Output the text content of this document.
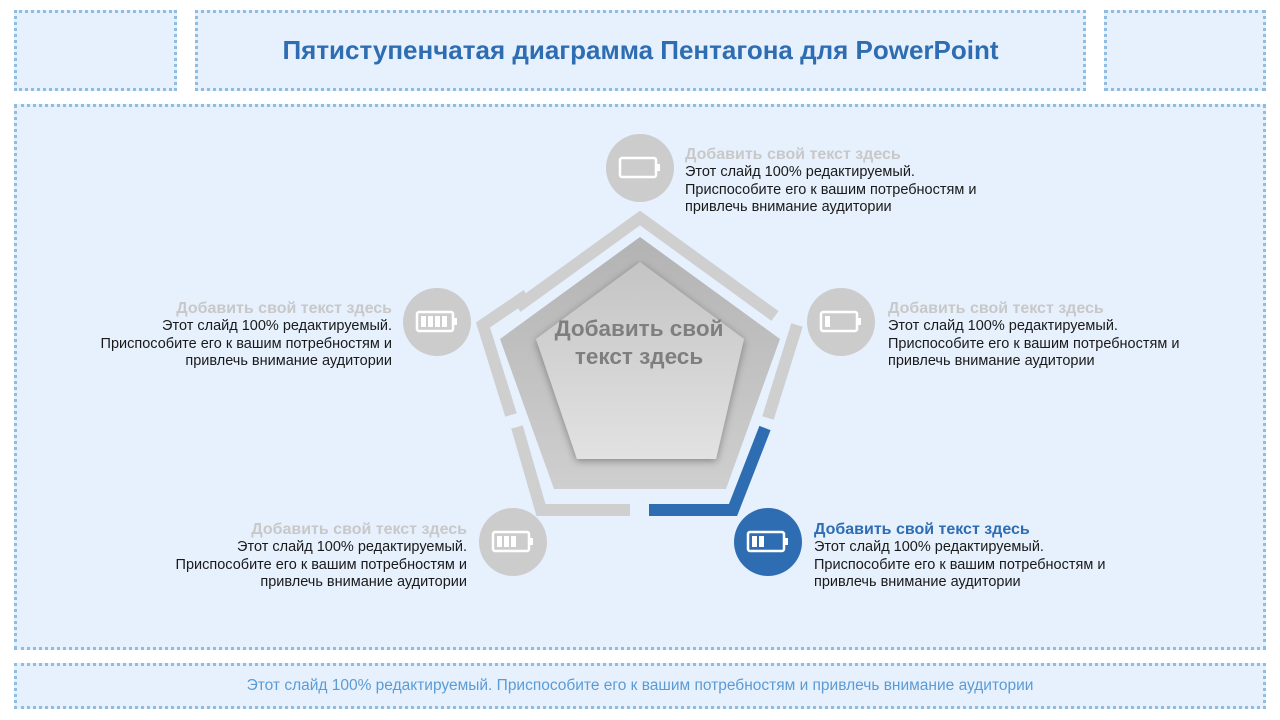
Пятиступенчатая диаграмма Пентагона для PowerPoint
Этот слайд 100% редактируемый. Приспособите его к вашим потребностям и привлечь внимание аудитории
Добавить свой текст здесь
Добавить свой текст здесь
Этот слайд 100% редактируемый. Приспособите его к вашим потребностям и привлечь внимание аудитории
Добавить свой текст здесь
Этот слайд 100% редактируемый. Приспособите его к вашим потребностям и привлечь внимание аудитории
Добавить свой текст здесь
Этот слайд 100% редактируемый. Приспособите его к вашим потребностям и привлечь внимание аудитории
Добавить свой текст здесь
Этот слайд 100% редактируемый. Приспособите его к вашим потребностям и привлечь внимание аудитории
Добавить свой текст здесь
Этот слайд 100% редактируемый. Приспособите его к вашим потребностям и привлечь внимание аудитории
